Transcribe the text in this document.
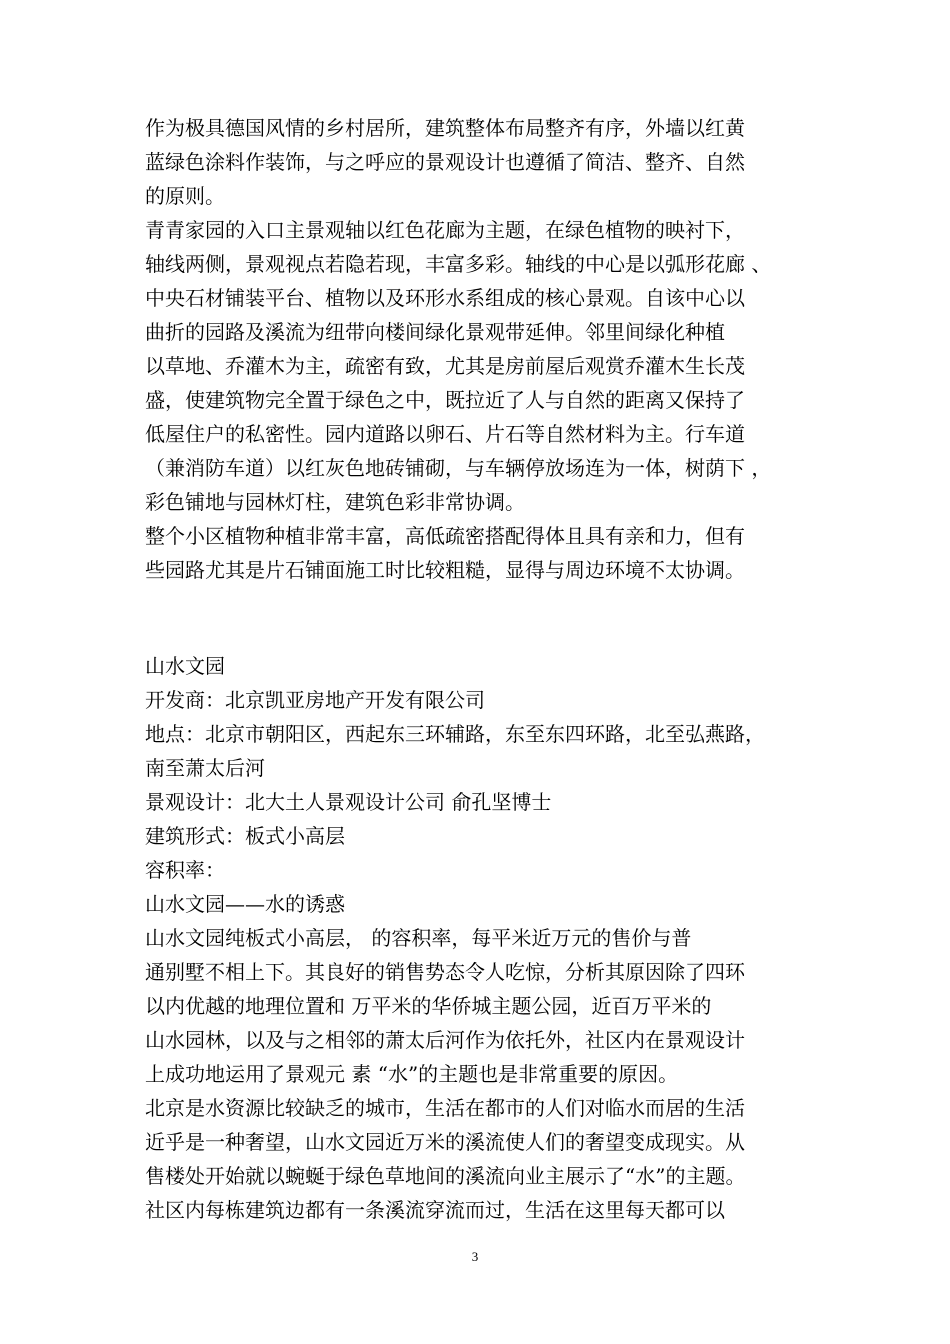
作为极具德国风情的乡村居所，建筑整体布局整齐有序，外墙以红黄
蓝绿色涂料作装饰，与之呼应的景观设计也遵循了简洁、整齐、自然
的原则。
青青家园的入口主景观轴以红色花廊为主题，在绿色植物的映衬下，
轴线两侧，景观视点若隐若现，丰富多彩。轴线的中心是以弧形花廊 、
中央石材铺装平台、植物以及环形水系组成的核心景观。自该中心以
曲折的园路及溪流为纽带向楼间绿化景观带延伸。邻里间绿化种植
以草地、乔灌木为主，疏密有致，尤其是房前屋后观赏乔灌木生长茂
盛，使建筑物完全置于绿色之中，既拉近了人与自然的距离又保持了
低屋住户的私密性。园内道路以卵石、片石等自然材料为主。行车道
（兼消防车道）以红灰色地砖铺砌，与车辆停放场连为一体，树荫下 ，
彩色铺地与园林灯柱，建筑色彩非常协调。
整个小区植物种植非常丰富，高低疏密搭配得体且具有亲和力，但有
些园路尤其是片石铺面施工时比较粗糙，显得与周边环境不太协调。
山水文园
开发商：北京凯亚房地产开发有限公司
地点：北京市朝阳区，西起东三环辅路，东至东四环路，北至弘燕路，
南至萧太后河
景观设计：北大土人景观设计公司 俞孔坚博士
建筑形式：板式小高层
容积率：
山水文园——水的诱惑
山水文园纯板式小高层， 的容积率，每平米近万元的售价与普
通别墅不相上下。其良好的销售势态令人吃惊，分析其原因除了四环
以内优越的地理位置和 万平米的华侨城主题公园，近百万平米的
山水园林，以及与之相邻的萧太后河作为依托外，社区内在景观设计
上成功地运用了景观元 素 “水”的主题也是非常重要的原因。
北京是水资源比较缺乏的城市，生活在都市的人们对临水而居的生活
近乎是一种奢望，山水文园近万米的溪流使人们的奢望变成现实。从
售楼处开始就以蜿蜒于绿色草地间的溪流向业主展示了“水”的主题。
社区内每栋建筑边都有一条溪流穿流而过，生活在这里每天都可以
3
